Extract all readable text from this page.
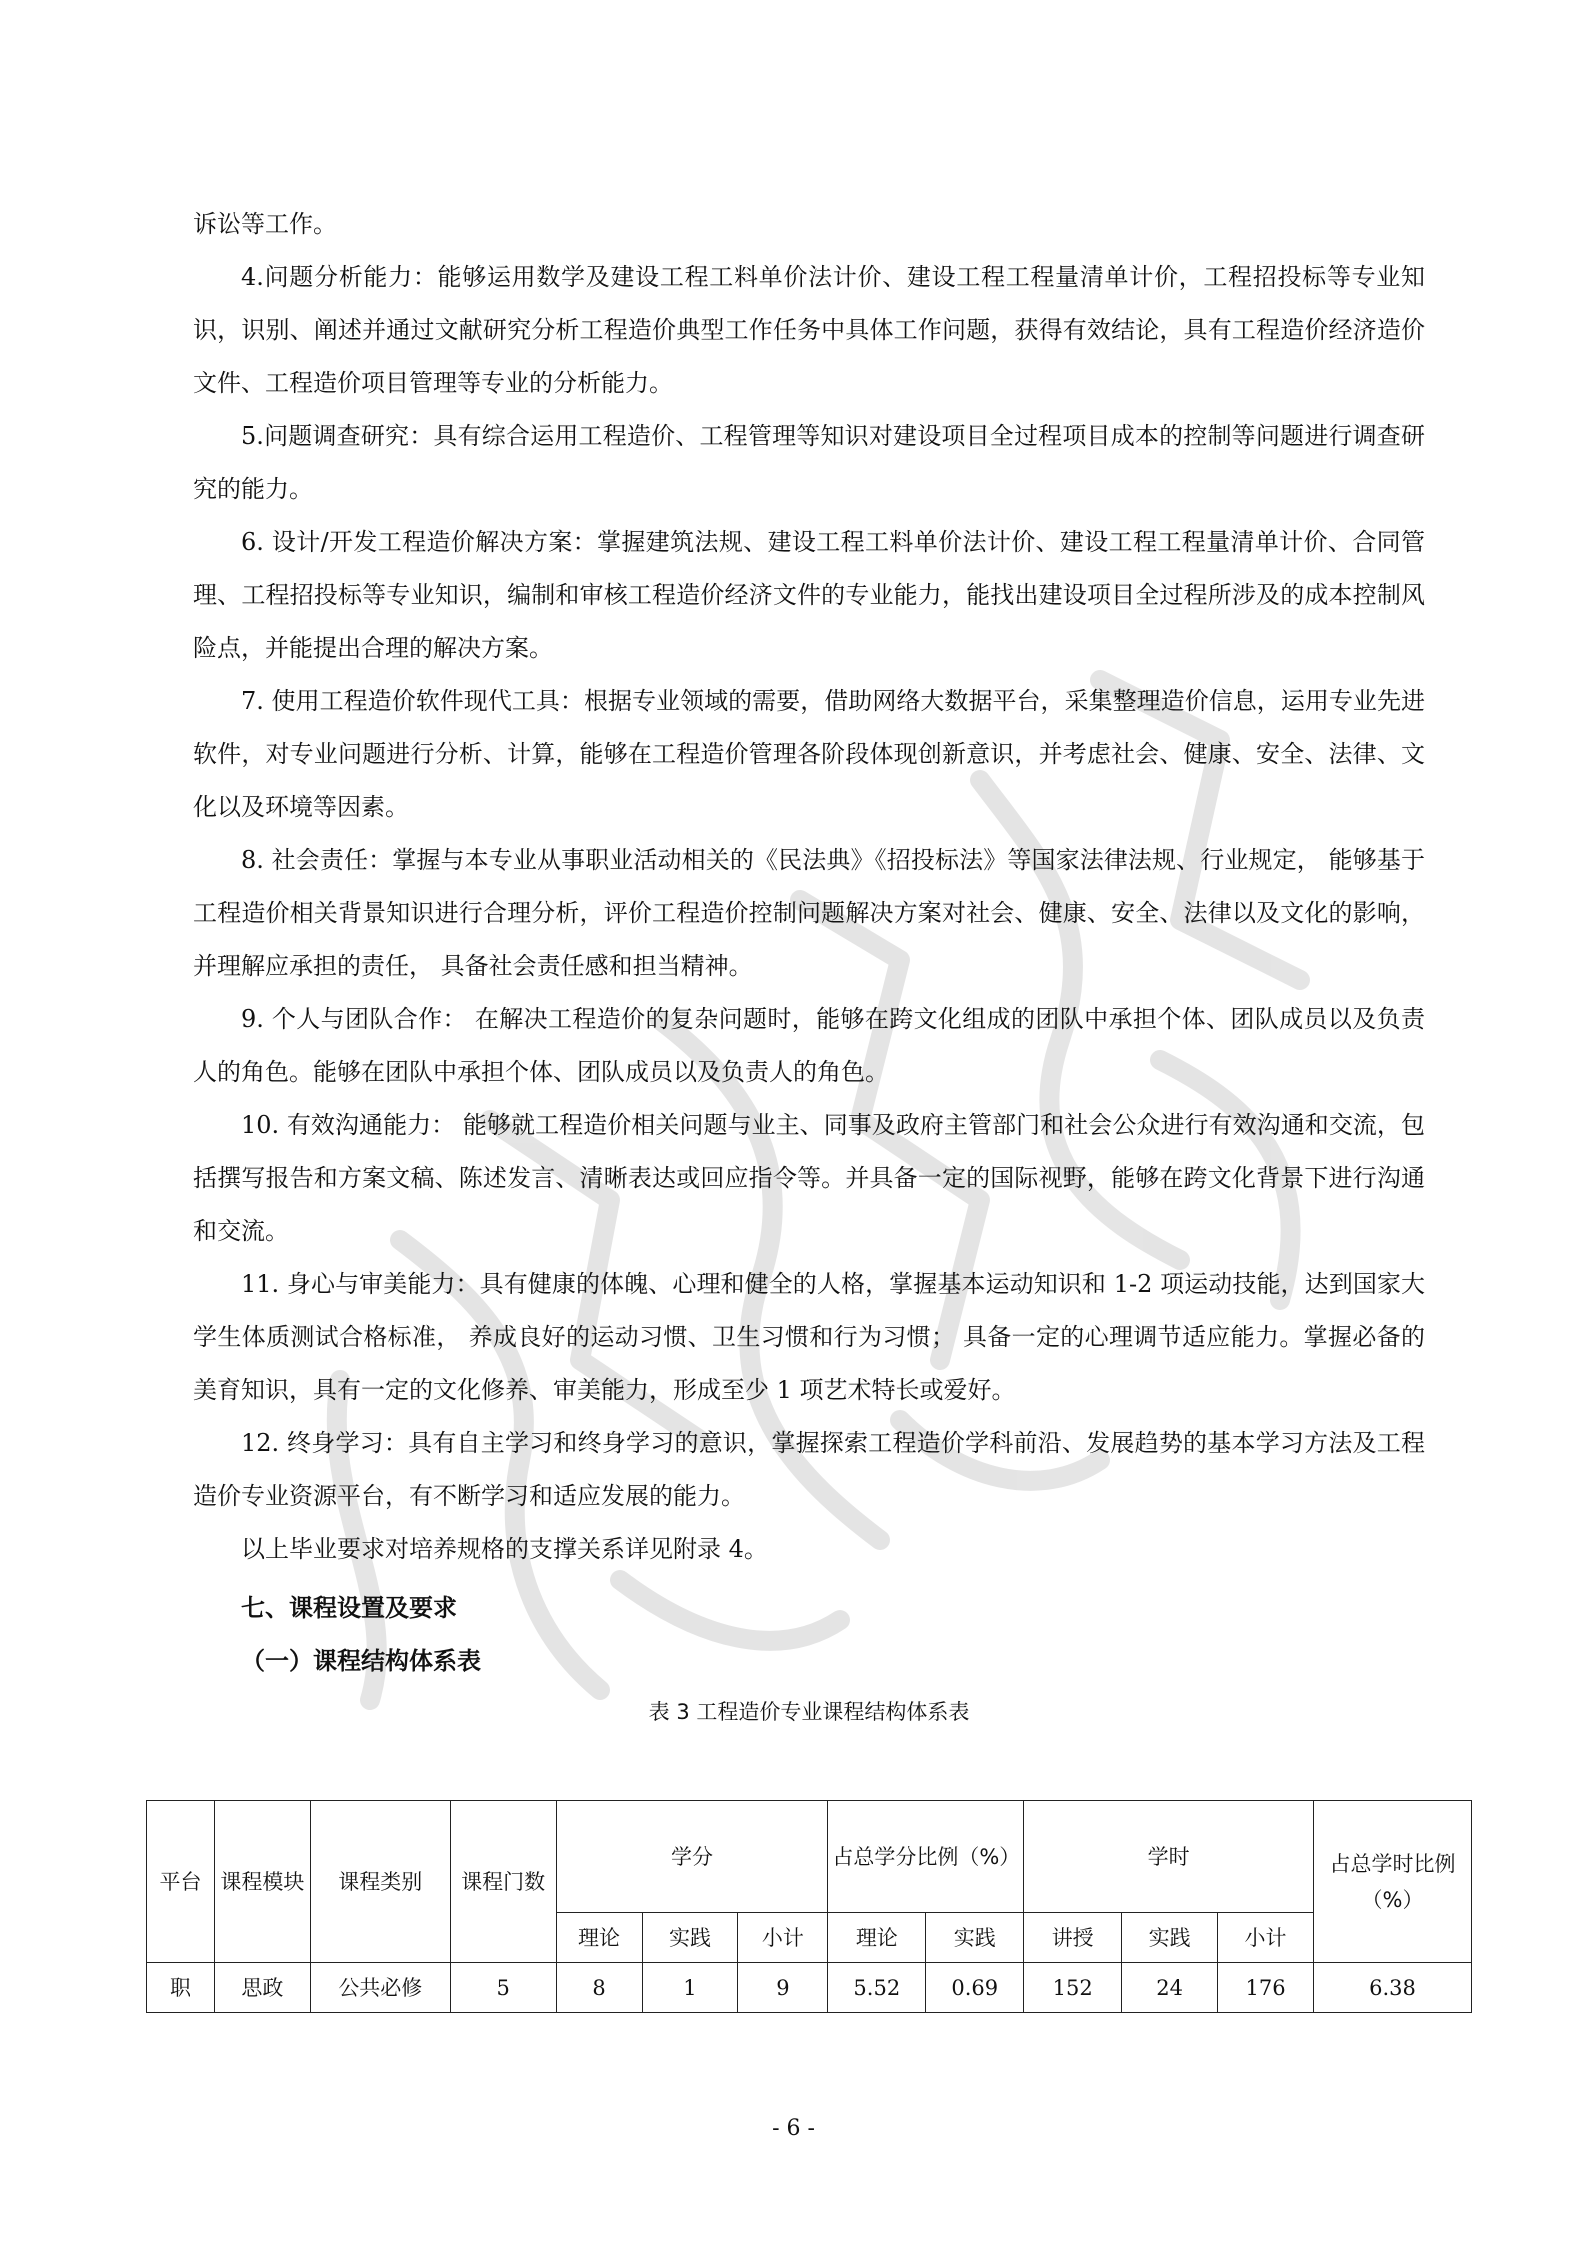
诉讼等工作。

4.问题分析能力：能够运用数学及建设工程工料单价法计价、建设工程工程量清单计价，工程招投标等专业知识，识别、阐述并通过文献研究分析工程造价典型工作任务中具体工作问题，获得有效结论，具有工程造价经济造价文件、工程造价项目管理等专业的分析能力。

5.问题调查研究：具有综合运用工程造价、工程管理等知识对建设项目全过程项目成本的控制等问题进行调查研究的能力。

6. 设计/开发工程造价解决方案：掌握建筑法规、建设工程工料单价法计价、建设工程工程量清单计价、合同管理、工程招投标等专业知识，编制和审核工程造价经济文件的专业能力，能找出建设项目全过程所涉及的成本控制风险点，并能提出合理的解决方案。

7. 使用工程造价软件现代工具：根据专业领域的需要，借助网络大数据平台，采集整理造价信息，运用专业先进软件，对专业问题进行分析、计算，能够在工程造价管理各阶段体现创新意识，并考虑社会、健康、安全、法律、文化以及环境等因素。

8. 社会责任：掌握与本专业从事职业活动相关的《民法典》《招投标法》等国家法律法规、行业规定， 能够基于工程造价相关背景知识进行合理分析，评价工程造价控制问题解决方案对社会、健康、安全、法律以及文化的影响，并理解应承担的责任， 具备社会责任感和担当精神。

9. 个人与团队合作： 在解决工程造价的复杂问题时，能够在跨文化组成的团队中承担个体、团队成员以及负责人的角色。能够在团队中承担个体、团队成员以及负责人的角色。

10. 有效沟通能力： 能够就工程造价相关问题与业主、同事及政府主管部门和社会公众进行有效沟通和交流，包括撰写报告和方案文稿、陈述发言、清晰表达或回应指令等。并具备一定的国际视野，能够在跨文化背景下进行沟通和交流。

11. 身心与审美能力：具有健康的体魄、心理和健全的人格，掌握基本运动知识和 1-2 项运动技能，达到国家大学生体质测试合格标准， 养成良好的运动习惯、卫生习惯和行为习惯； 具备一定的心理调节适应能力。掌握必备的美育知识，具有一定的文化修养、审美能力，形成至少 1 项艺术特长或爱好。

12. 终身学习：具有自主学习和终身学习的意识，掌握探索工程造价学科前沿、发展趋势的基本学习方法及工程造价专业资源平台，有不断学习和适应发展的能力。

以上毕业要求对培养规格的支撑关系详见附录 4。

七、课程设置及要求

（一）课程结构体系表

表 3 工程造价专业课程结构体系表
平台	课程模块	课程类别	课程门数	学分			占总学分比例（%）		学时			占总学时比例（%）
				理论	实践	小计	理论	实践	讲授	实践	小计	
职	思政	公共必修	5	8	1	9	5.52	0.69	152	24	176	6.38
- 6 -
